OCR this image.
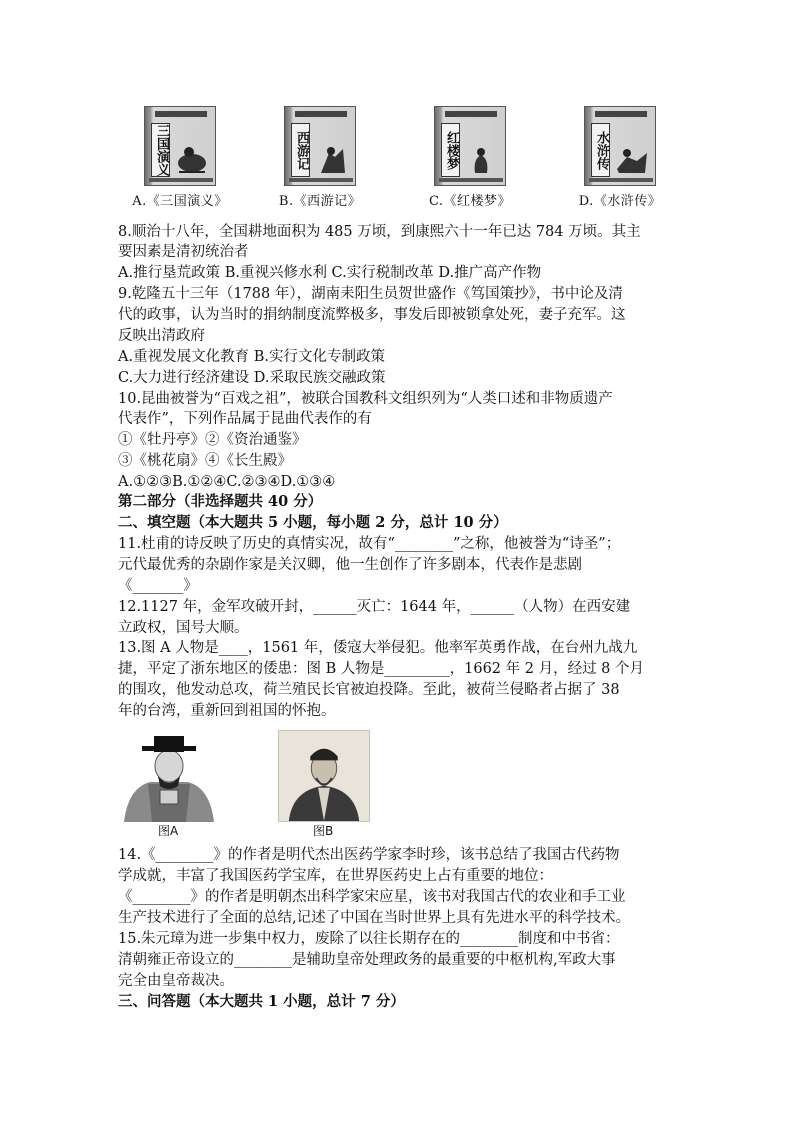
三国演义
A.《三国演义》
西游记
B.《西游记》
红楼梦
C.《红楼梦》
水浒传
D.《水浒传》
8.顺治十八年，全国耕地面积为 485 万顷，到康熙六十一年已达 784 万顷。其主
要因素是清初统治者
A.推行垦荒政策 B.重视兴修水利 C.实行税制改革 D.推广高产作物
9.乾隆五十三年（1788 年），湖南耒阳生员贺世盛作《笃国策抄》，书中论及清
代的政事，认为当时的捐纳制度流弊极多，事发后即被锁拿处死，妻子充军。这
反映出清政府
A.重视发展文化教育 B.实行文化专制政策
C.大力进行经济建设 D.采取民族交融政策
10.昆曲被誉为“百戏之祖”，被联合国教科文组织列为“人类口述和非物质遗产
代表作”，下列作品属于昆曲代表作的有
①《牡丹亭》②《资治通鉴》
③《桃花扇》④《长生殿》
A.①②③B.①②④C.②③④D.①③④
第二部分（非选择题共 40 分）
二、填空题（本大题共 5 小题，每小题 2 分，总计 10 分）
11.杜甫的诗反映了历史的真情实况，故有“________”之称，他被誉为“诗圣”；
元代最优秀的杂剧作家是关汉卿，他一生创作了许多剧本，代表作是悲剧
《_______》
12.1127 年，金军攻破开封，______灭亡：1644 年，______（人物）在西安建
立政权，国号大顺。
13.图 A 人物是____，1561 年，倭寇大举侵犯。他率军英勇作战，在台州九战九
捷，平定了浙东地区的倭患：图 B 人物是_________，1662 年 2 月，经过 8 个月
的围攻，他发动总攻，荷兰殖民长官被迫投降。至此，被荷兰侵略者占据了 38
年的台湾，重新回到祖国的怀抱。
图A	图B
14.《________》的作者是明代杰出医药学家李时珍，该书总结了我国古代药物
学成就，丰富了我国医药学宝库，在世界医药史上占有重要的地位：
《________》的作者是明朝杰出科学家宋应星，该书对我国古代的农业和手工业
生产技术进行了全面的总结,记述了中国在当时世界上具有先进水平的科学技术。
15.朱元璋为进一步集中权力，废除了以往长期存在的________制度和中书省：
清朝雍正帝设立的________是辅助皇帝处理政务的最重要的中枢机构,军政大事
完全由皇帝裁决。
三、问答题（本大题共 1 小题，总计 7 分）
